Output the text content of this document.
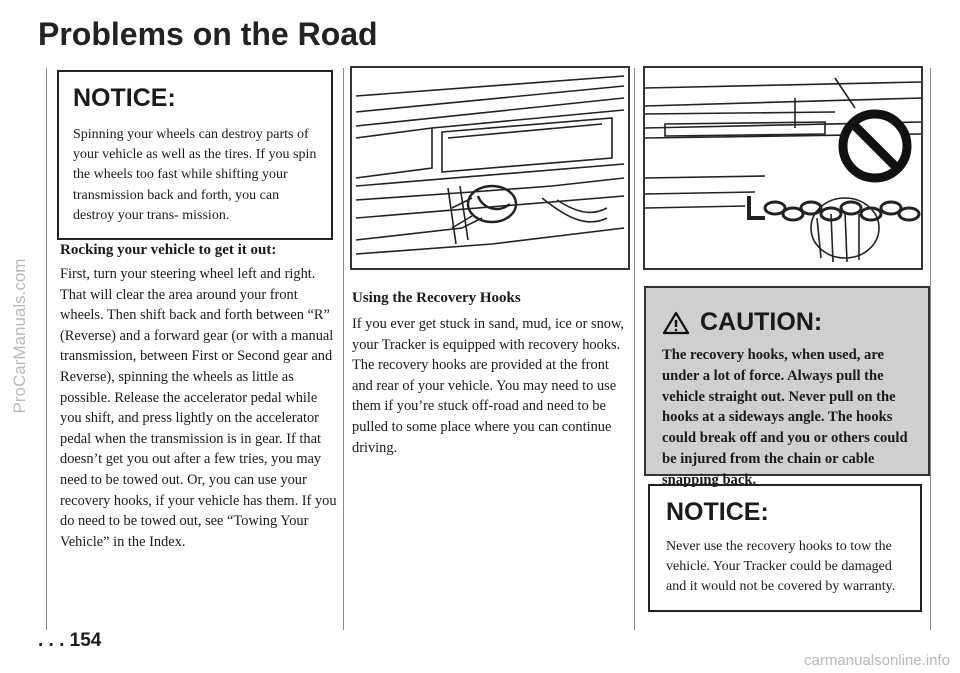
ProCarManuals.com
carmanualsonline.info
Problems on the Road
NOTICE:

Spinning your wheels can destroy parts of your vehicle as well as the tires. If you spin the wheels too fast while shifting your transmission back and forth, you can destroy your trans- mission.

Rocking your vehicle to get it out:

First, turn your steering wheel left and right. That will clear the area around your front wheels. Then shift back and forth between “R” (Reverse) and a forward gear (or with a manual transmission, between First or Second gear and Reverse), spinning the wheels as little as possible. Release the accelerator pedal while you shift, and press lightly on the accelerator pedal when the transmission is in gear. If that doesn’t get you out after a few tries, you may need to be towed out. Or, you can use your recovery hooks, if your vehicle has them. If you do need to be towed out, see “Towing Your Vehicle” in the Index.

Using the Recovery Hooks

If you ever get stuck in sand, mud, ice or snow, your Tracker is equipped with recovery hooks. The recovery hooks are provided at the front and rear of your vehicle. You may need to use them if you’re stuck off-road and need to be pulled to some place where you can continue driving.

CAUTION:

The recovery hooks, when used, are under a lot of force. Always pull the vehicle straight out. Never pull on the hooks at a sideways angle. The hooks could break off and you or others could be injured from the chain or cable snapping back.

NOTICE:

Never use the recovery hooks to tow the vehicle. Your Tracker could be damaged and it would not be covered by warranty.

. . . 154
